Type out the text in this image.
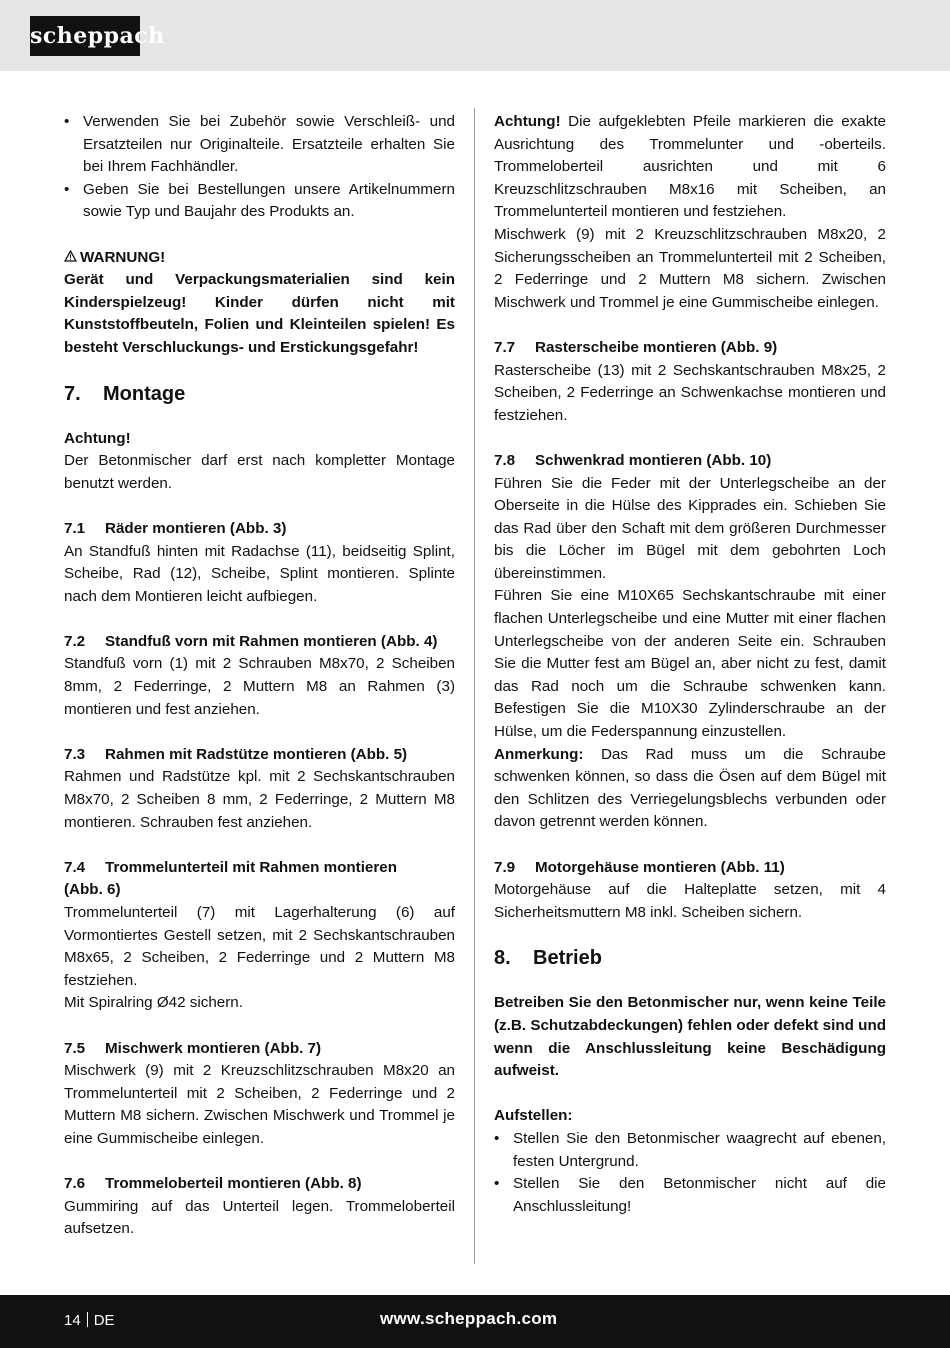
scheppach
• Verwenden Sie bei Zubehör sowie Verschleiß- und Ersatzteilen nur Originalteile. Ersatzteile erhalten Sie bei Ihrem Fachhändler.
• Geben Sie bei Bestellungen unsere Artikelnummern sowie Typ und Baujahr des Produkts an.

WARNUNG!

Gerät und Verpackungsmaterialien sind kein Kinderspielzeug! Kinder dürfen nicht mit Kunststoffbeuteln, Folien und Kleinteilen spielen! Es besteht Verschluckungs- und Erstickungsgefahr!

7. Montage

Achtung!

Der Betonmischer darf erst nach kompletter Montage benutzt werden.

7.1 Räder montieren (Abb. 3)

An Standfuß hinten mit Radachse (11), beidseitig Splint, Scheibe, Rad (12), Scheibe, Splint montieren. Splinte nach dem Montieren leicht aufbiegen.

7.2 Standfuß vorn mit Rahmen montieren (Abb. 4)

Standfuß vorn (1) mit 2 Schrauben M8x70, 2 Scheiben 8mm, 2 Federringe, 2 Muttern M8 an Rahmen (3) montieren und fest anziehen.

7.3 Rahmen mit Radstütze montieren (Abb. 5)

Rahmen und Radstütze kpl. mit 2 Sechskantschrauben M8x70, 2 Scheiben 8 mm, 2 Federringe, 2 Muttern M8 montieren. Schrauben fest anziehen.

7.4 Trommelunterteil mit Rahmen montieren

(Abb. 6)

Trommelunterteil (7) mit Lagerhalterung (6) auf Vormontiertes Gestell setzen, mit 2 Sechskantschrauben M8x65, 2 Scheiben, 2 Federringe und 2 Muttern M8 festziehen.

Mit Spiralring Ø42 sichern.

7.5 Mischwerk montieren (Abb. 7)

Mischwerk (9) mit 2 Kreuzschlitzschrauben M8x20 an Trommelunterteil mit 2 Scheiben, 2 Federringe und 2 Muttern M8 sichern. Zwischen Mischwerk und Trommel je eine Gummischeibe einlegen.

7.6 Trommeloberteil montieren (Abb. 8)

Gummiring auf das Unterteil legen. Trommeloberteil aufsetzen.

Achtung! Die aufgeklebten Pfeile markieren die exakte Ausrichtung des Trommelunter und -oberteils. Trommeloberteil ausrichten und mit 6 Kreuzschlitzschrauben M8x16 mit Scheiben, an Trommelunterteil montieren und festziehen.

Mischwerk (9) mit 2 Kreuzschlitzschrauben M8x20, 2 Sicherungsscheiben an Trommelunterteil mit 2 Scheiben, 2 Federringe und 2 Muttern M8 sichern. Zwischen Mischwerk und Trommel je eine Gummischeibe einlegen.

7.7 Rasterscheibe montieren (Abb. 9)

Rasterscheibe (13) mit 2 Sechskantschrauben M8x25, 2 Scheiben, 2 Federringe an Schwenkachse montieren und festziehen.

7.8 Schwenkrad montieren (Abb. 10)

Führen Sie die Feder mit der Unterlegscheibe an der Oberseite in die Hülse des Kipprades ein. Schieben Sie das Rad über den Schaft mit dem größeren Durchmesser bis die Löcher im Bügel mit dem gebohrten Loch übereinstimmen.

Führen Sie eine M10X65 Sechskantschraube mit einer flachen Unterlegscheibe und eine Mutter mit einer flachen Unterlegscheibe von der anderen Seite ein. Schrauben Sie die Mutter fest am Bügel an, aber nicht zu fest, damit das Rad noch um die Schraube schwenken kann. Befestigen Sie die M10X30 Zylinderschraube an der Hülse, um die Federspannung einzustellen.

Anmerkung: Das Rad muss um die Schraube schwenken können, so dass die Ösen auf dem Bügel mit den Schlitzen des Verriegelungsblechs verbunden oder davon getrennt werden können.

7.9 Motorgehäuse montieren (Abb. 11)

Motorgehäuse auf die Halteplatte setzen, mit 4 Sicherheitsmuttern M8 inkl. Scheiben sichern.

8. Betrieb

Betreiben Sie den Betonmischer nur, wenn keine Teile (z.B. Schutzabdeckungen) fehlen oder defekt sind und wenn die Anschlussleitung keine Beschädigung aufweist.

Aufstellen:

• Stellen Sie den Betonmischer waagrecht auf ebenen, festen Untergrund.
• Stellen Sie den Betonmischer nicht auf die Anschlussleitung!
14 DE	www.scheppach.com
